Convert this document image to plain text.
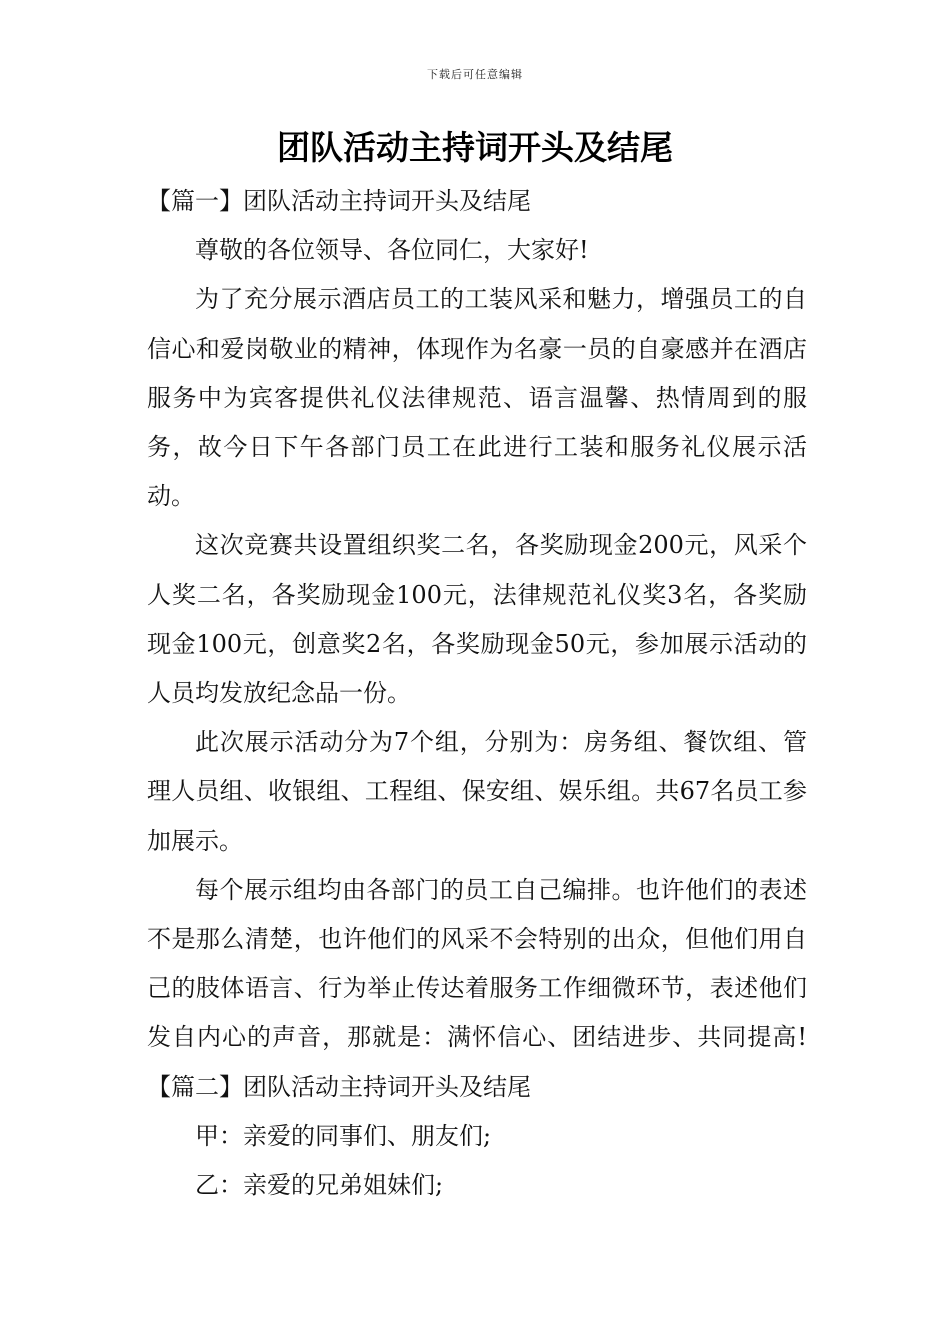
下载后可任意编辑
团队活动主持词开头及结尾

【篇一】团队活动主持词开头及结尾

尊敬的各位领导、各位同仁，大家好!

为了充分展示酒店员工的工装风采和魅力，增强员工的自信心和爱岗敬业的精神，体现作为名豪一员的自豪感并在酒店服务中为宾客提供礼仪法律规范、语言温馨、热情周到的服务，故今日下午各部门员工在此进行工装和服务礼仪展示活动。

这次竞赛共设置组织奖二名，各奖励现金200元，风采个人奖二名，各奖励现金100元，法律规范礼仪奖3名，各奖励现金100元，创意奖2名，各奖励现金50元，参加展示活动的人员均发放纪念品一份。

此次展示活动分为7个组，分别为：房务组、餐饮组、管理人员组、收银组、工程组、保安组、娱乐组。共67名员工参加展示。

每个展示组均由各部门的员工自己编排。也许他们的表述不是那么清楚，也许他们的风采不会特别的出众，但他们用自己的肢体语言、行为举止传达着服务工作细微环节，表述他们发自内心的声音，那就是：满怀信心、团结进步、共同提高!【篇二】团队活动主持词开头及结尾

甲：亲爱的同事们、朋友们;

乙：亲爱的兄弟姐妹们;
